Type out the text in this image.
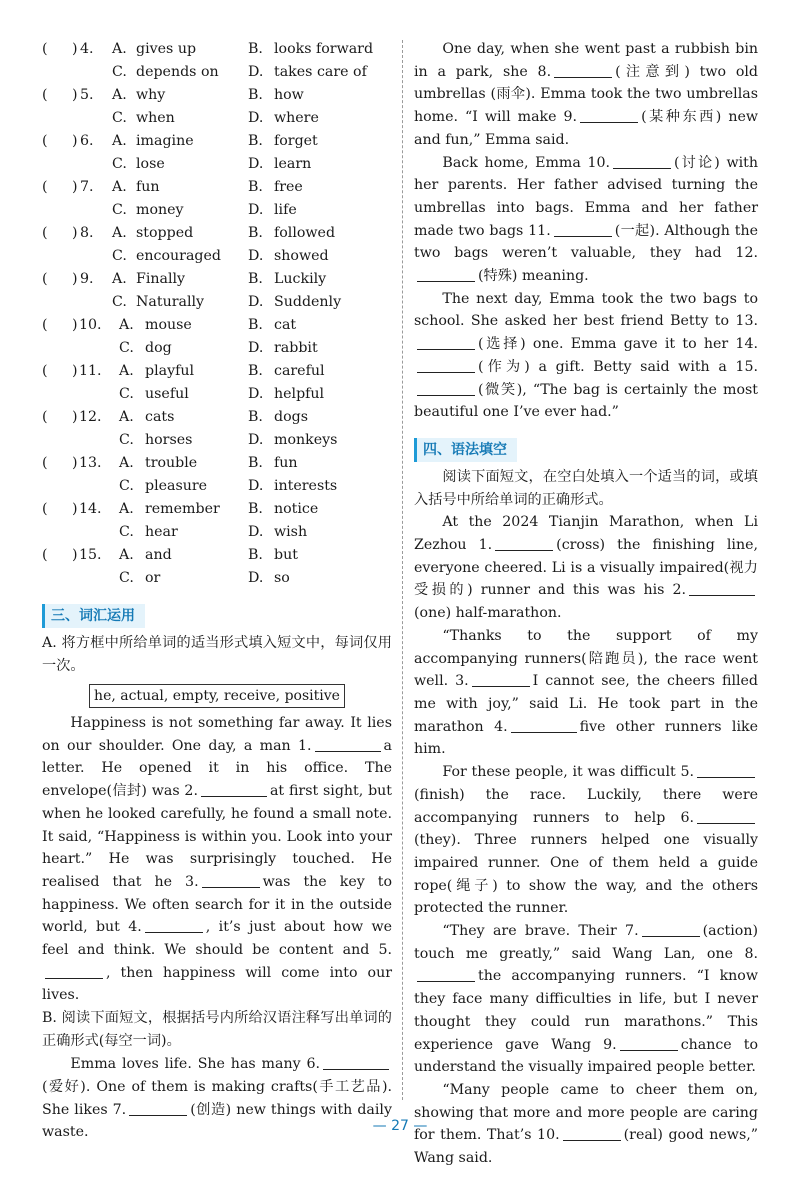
( ) 4. A. gives up	B. looks forward
C. depends on D. takes care of
( ) 5. A. why	B. how
C. when	D. where
( ) 6. A. imagine	B. forget
C. lose	D. learn
( ) 7. A. fun	B. free
C. money	D. life
( ) 8. A. stopped	B. followed
C. encouraged D. showed
( ) 9. A. Finally	B. Luckily
C. Naturally	D. Suddenly
( ) 10. A. mouse	B. cat
C. dog	D. rabbit
( ) 11. A. playful	B. careful
C. useful	D. helpful
( ) 12. A. cats	B. dogs
C. horses	D. monkeys
( ) 13. A. trouble	B. fun
C. pleasure	D. interests
( ) 14. A. remember B. notice
C. hear	D. wish
( ) 15. A. and	B. but
C. or	D. so
三、词汇运用

A. 将方框中所给单词的适当形式填入短文中，每词仅用一次。

he, actual, empty, receive, positive

Happiness is not something far away. It lies on our shoulder. One day, a man 1.	a letter. He opened it in his office. The envelope(信封) was 2.	at first sight, but when he looked carefully, he found a small note. It said, “Happiness is within you. Look into your heart.” He was surprisingly touched. He realised that he 3.	was the key to happiness. We often search for it in the outside world, but 4.	, it’s just about how we feel and think. We should be content and 5., then happiness will come into our lives.

B. 阅读下面短文，根据括号内所给汉语注释写出单词的正确形式(每空一词)。

Emma loves life. She has many 6.(爱好). One of them is making crafts(手工艺品). She likes 7.	(创造) new things with daily waste.

One day, when she went past a rubbish bin in a park, she 8.	(注意到) two old umbrellas (雨伞). Emma took the two umbrellas home. “I will make 9.	(某种东西) new and fun,” Emma said.

Back home, Emma 10.	(讨论) with her parents. Her father advised turning the umbrellas into bags. Emma and her father made two bags 11.	(一起). Although the two bags weren’t valuable, they had 12.(特殊) meaning.

The next day, Emma took the two bags to school. She asked her best friend Betty to 13.(选择) one. Emma gave it to her 14.(作为) a gift. Betty said with a 15.(微笑), “The bag is certainly the most beautiful one I’ve ever had.”

四、语法填空

阅读下面短文，在空白处填入一个适当的词，或填入括号中所给单词的正确形式。

At the 2024 Tianjin Marathon, when Li Zezhou 1.	(cross) the finishing line, everyone cheered. Li is a visually impaired(视力受损的) runner and this was his 2.(one) half-marathon.

“Thanks to the support of my accompanying runners(陪跑员), the race went well. 3.	I cannot see, the cheers filled me with joy,” said Li. He took part in the marathon 4.	five other runners like him.

For these people, it was difficult 5.(finish) the race. Luckily, there were accompanying runners to help 6.(they). Three runners helped one visually impaired runner. One of them held a guide rope(绳子) to show the way, and the others protected the runner.

“They are brave. Their 7.	(action) touch me greatly,” said Wang Lan, one 8.the accompanying runners. “I know they face many difficulties in life, but I never thought they could run marathons.” This experience gave Wang 9.	chance to understand the visually impaired people better.

“Many people came to cheer them on, showing that more and more people are caring for them. That’s 10.	(real) good news,” Wang said.

— 27 —
